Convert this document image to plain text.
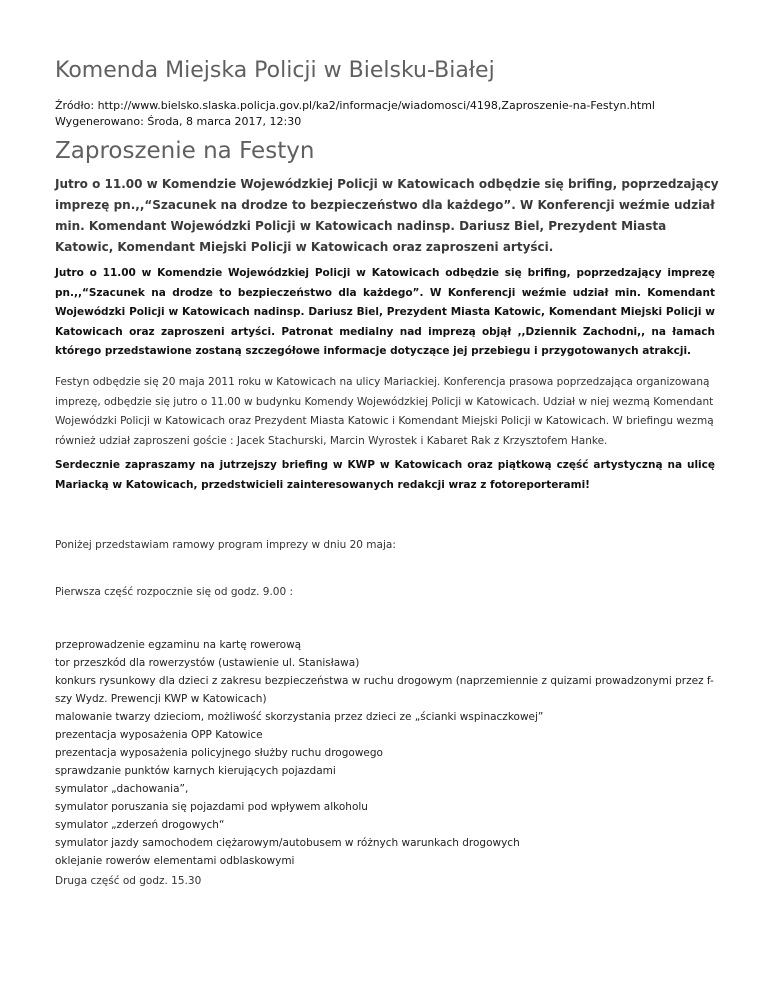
Komenda Miejska Policji w Bielsku-Białej
Źródło: http://www.bielsko.slaska.policja.gov.pl/ka2/informacje/wiadomosci/4198,Zaproszenie-na-Festyn.html
Wygenerowano: Środa, 8 marca 2017, 12:30
Zaproszenie na Festyn

Jutro o 11.00 w Komendzie Wojewódzkiej Policji w Katowicach odbędzie się brifing, poprzedzający imprezę pn.,,“Szacunek na drodze to bezpieczeństwo dla każdego”. W Konferencji weźmie udział min. Komendant Wojewódzki Policji w Katowicach nadinsp. Dariusz Biel, Prezydent Miasta Katowic, Komendant Miejski Policji w Katowicach oraz zaproszeni artyści.

Jutro o 11.00 w Komendzie Wojewódzkiej Policji w Katowicach odbędzie się brifing, poprzedzający imprezę pn.,,“Szacunek na drodze to bezpieczeństwo dla każdego”. W Konferencji weźmie udział min. Komendant Wojewódzki Policji w Katowicach nadinsp. Dariusz Biel, Prezydent Miasta Katowic, Komendant Miejski Policji w Katowicach oraz zaproszeni artyści. Patronat medialny nad imprezą objął ,,Dziennik Zachodni,, na łamach którego przedstawione zostaną szczegółowe informacje dotyczące jej przebiegu i przygotowanych atrakcji.

Festyn odbędzie się 20 maja 2011 roku w Katowicach na ulicy Mariackiej. Konferencja prasowa poprzedzająca organizowaną imprezę, odbędzie się jutro o 11.00 w budynku Komendy Wojewódzkiej Policji w Katowicach. Udział w niej wezmą Komendant Wojewódzki Policji w Katowicach oraz Prezydent Miasta Katowic i Komendant Miejski Policji w Katowicach. W briefingu wezmą również udział zaproszeni goście : Jacek Stachurski, Marcin Wyrostek i Kabaret Rak z Krzysztofem Hanke.

Serdecznie zapraszamy na jutrzejszy briefing w KWP w Katowicach oraz piątkową część artystyczną na ulicę Mariacką w Katowicach, przedstwicieli zainteresowanych redakcji wraz z fotoreporterami!

Poniżej przedstawiam ramowy program imprezy w dniu 20 maja:

Pierwsza część rozpocznie się od godz. 9.00 :

przeprowadzenie egzaminu na kartę rowerową
tor przeszkód dla rowerzystów (ustawienie ul. Stanisława)
konkurs rysunkowy dla dzieci z zakresu bezpieczeństwa w ruchu drogowym (naprzemiennie z quizami prowadzonymi przez f-szy Wydz. Prewencji KWP w Katowicach)
malowanie twarzy dzieciom, możliwość skorzystania przez dzieci ze „ścianki wspinaczkowej”
prezentacja wyposażenia OPP Katowice
prezentacja wyposażenia policyjnego służby ruchu drogowego
sprawdzanie punktów karnych kierujących pojazdami
symulator „dachowania”,
symulator poruszania się pojazdami pod wpływem alkoholu
symulator „zderzeń drogowych“
symulator jazdy samochodem ciężarowym/autobusem w różnych warunkach drogowych
oklejanie rowerów elementami odblaskowymi

Druga część od godz. 15.30
